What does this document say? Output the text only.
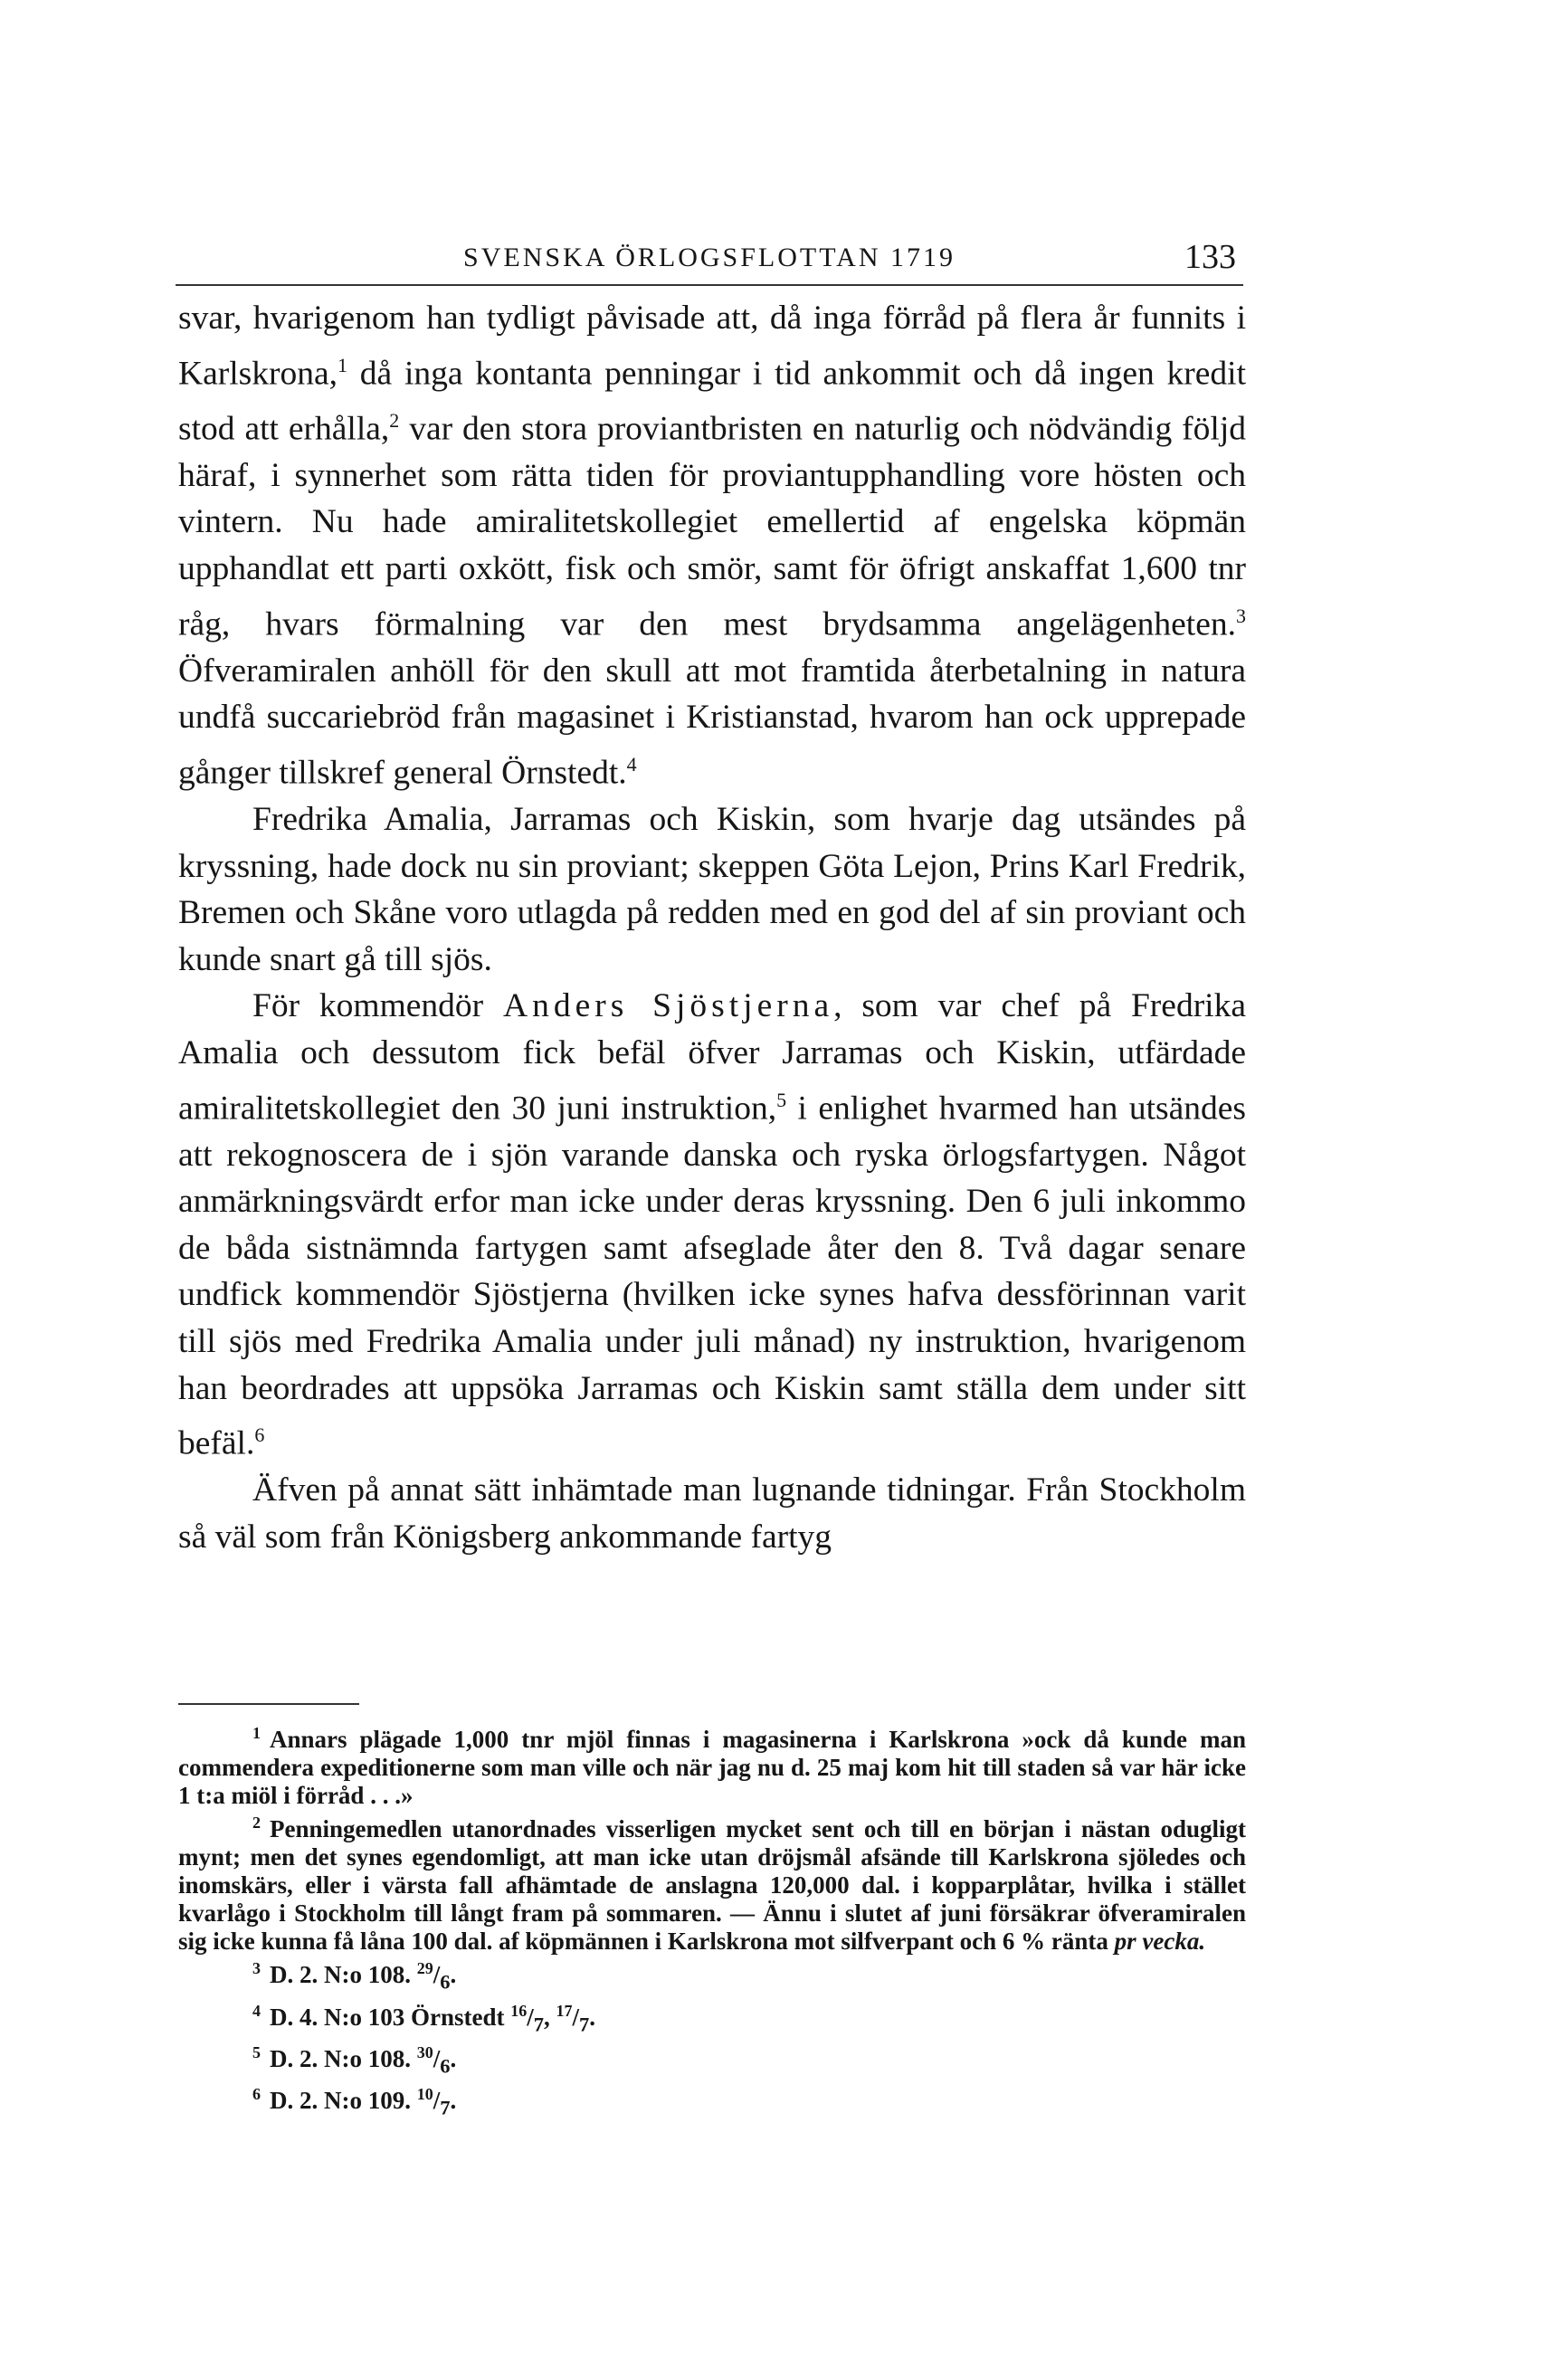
SVENSKA ÖRLOGSFLOTTAN 1719	133

svar, hvarigenom han tydligt påvisade att, då inga förråd på flera år funnits i Karlskrona,$^1$ då inga kontanta penningar i tid ankommit och då ingen kredit stod att erhålla,$^2$ var den stora proviantbristen en naturlig och nödvändig följd häraf, i synnerhet som rätta tiden för proviantupphandling vore hösten och vintern. Nu hade amiralitetskollegiet emellertid af engelska köpmän upphandlat ett parti oxkött, fisk och smör, samt för öfrigt anskaffat 1,600 tnr råg, hvars förmalning var den mest brydsamma angelägenheten.$^3$ Öfveramiralen anhöll för den skull att mot framtida återbetalning in natura undfå succariebröd från magasinet i Kristianstad, hvarom han ock upprepade gånger tillskref general Örnstedt.$^4$

Fredrika Amalia, Jarramas och Kiskin, som hvarje dag utsändes på kryssning, hade dock nu sin proviant; skeppen Göta Lejon, Prins Karl Fredrik, Bremen och Skåne voro utlagda på redden med en god del af sin proviant och kunde snart gå till sjös.

För kommendör Anders Sjöstjerna, som var chef på Fredrika Amalia och dessutom fick befäl öfver Jarramas och Kiskin, utfärdade amiralitetskollegiet den 30 juni instruktion,$^5$ i enlighet hvarmed han utsändes att rekognoscera de i sjön varande danska och ryska örlogsfartygen. Något anmärkningsvärdt erfor man icke under deras kryssning. Den 6 juli inkommo de båda sistnämnda fartygen samt afseglade åter den 8. Två dagar senare undfick kommendör Sjöstjerna (hvilken icke synes hafva dessförinnan varit till sjös med Fredrika Amalia under juli månad) ny instruktion, hvarigenom han beordrades att uppsöka Jarramas och Kiskin samt ställa dem under sitt befäl.$^6$

Äfven på annat sätt inhämtade man lugnande tidningar. Från Stockholm så väl som från Königsberg ankommande fartyg

$^1$ Annars plägade 1,000 tnr mjöl finnas i magasinerna i Karlskrona »ock då kunde man commendera expeditionerne som man ville och när jag nu d. 25 maj kom hit till staden så var här icke 1 t:a miöl i förråd . . .»

$^2$ Penningemedlen utanordnades visserligen mycket sent och till en början i nästan odugligt mynt; men det synes egendomligt, att man icke utan dröjsmål afsände till Karlskrona sjöledes och inomskärs, eller i värsta fall afhämtade de anslagna 120,000 dal. i kopparplåtar, hvilka i stället kvarlågo i Stockholm till långt fram på sommaren. — Ännu i slutet af juni försäkrar öfveramiralen sig icke kunna få låna 100 dal. af köpmännen i Karlskrona mot silfverpant och 6 % ränta pr vecka.

$^3$ D. 2. N:o 108. $^{29}/_6$.

$^4$ D. 4. N:o 103 Örnstedt $^{16}/_7$, $^{17}/_7$.

$^5$ D. 2. N:o 108. $^{30}/_6$.

$^6$ D. 2. N:o 109. $^{10}/_7$.
